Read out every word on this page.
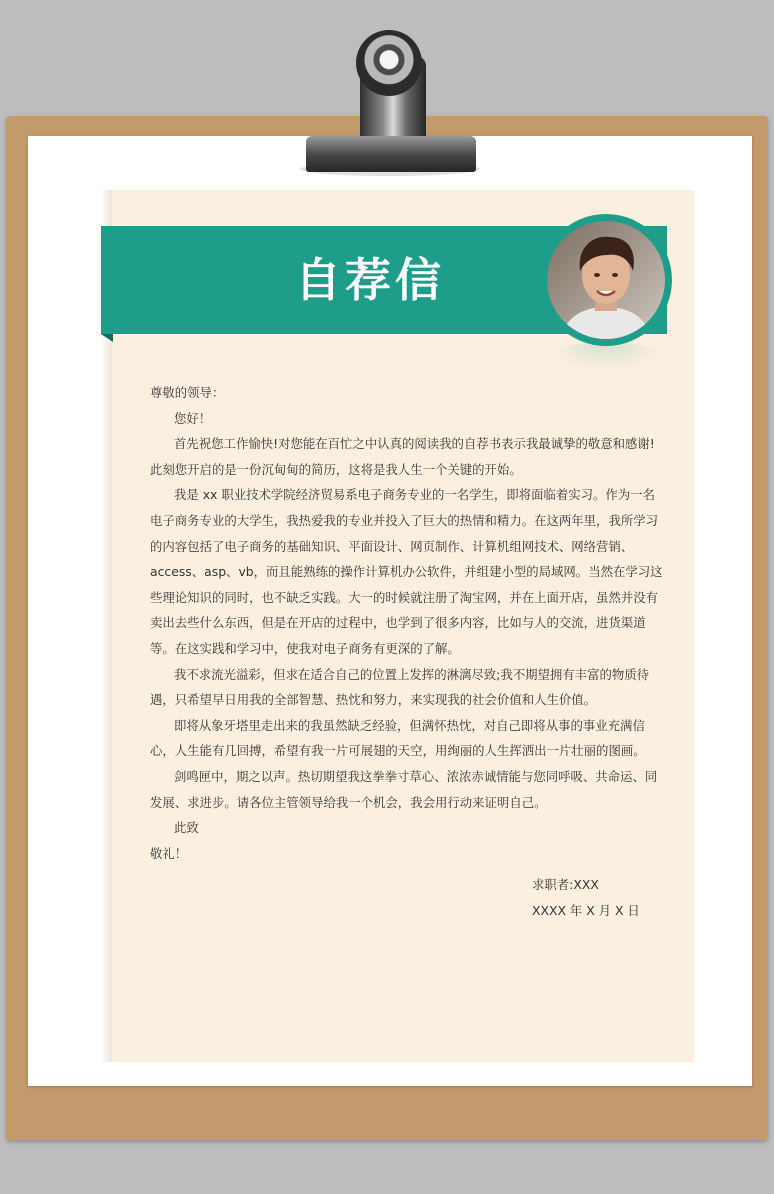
自荐信

尊敬的领导：

您好！

首先祝您工作愉快!对您能在百忙之中认真的阅读我的自荐书表示我最诚挚的敬意和感谢!此刻您开启的是一份沉甸甸的简历，这将是我人生一个关键的开始。

我是 xx 职业技术学院经济贸易系电子商务专业的一名学生，即将面临着实习。作为一名电子商务专业的大学生，我热爱我的专业并投入了巨大的热情和精力。在这两年里，我所学习的内容包括了电子商务的基础知识、平面设计、网页制作、计算机组网技术、网络营销、access、asp、vb，而且能熟练的操作计算机办公软件，并组建小型的局域网。当然在学习这些理论知识的同时，也不缺乏实践。大一的时候就注册了淘宝网，并在上面开店，虽然并没有卖出去些什么东西，但是在开店的过程中，也学到了很多内容，比如与人的交流，进货渠道等。在这实践和学习中，使我对电子商务有更深的了解。

我不求流光溢彩，但求在适合自己的位置上发挥的淋漓尽致;我不期望拥有丰富的物质待遇，只希望早日用我的全部智慧、热忱和努力，来实现我的社会价值和人生价值。

即将从象牙塔里走出来的我虽然缺乏经验，但满怀热忱，对自己即将从事的事业充满信心，人生能有几回搏，希望有我一片可展翅的天空，用绚丽的人生挥洒出一片壮丽的图画。

剑鸣匣中，期之以声。热切期望我这拳拳寸草心、浓浓赤诚情能与您同呼吸、共命运、同发展、求进步。请各位主管领导给我一个机会，我会用行动来证明自己。

此致

敬礼！

求职者:XXX

XXXX 年 X 月 X 日
